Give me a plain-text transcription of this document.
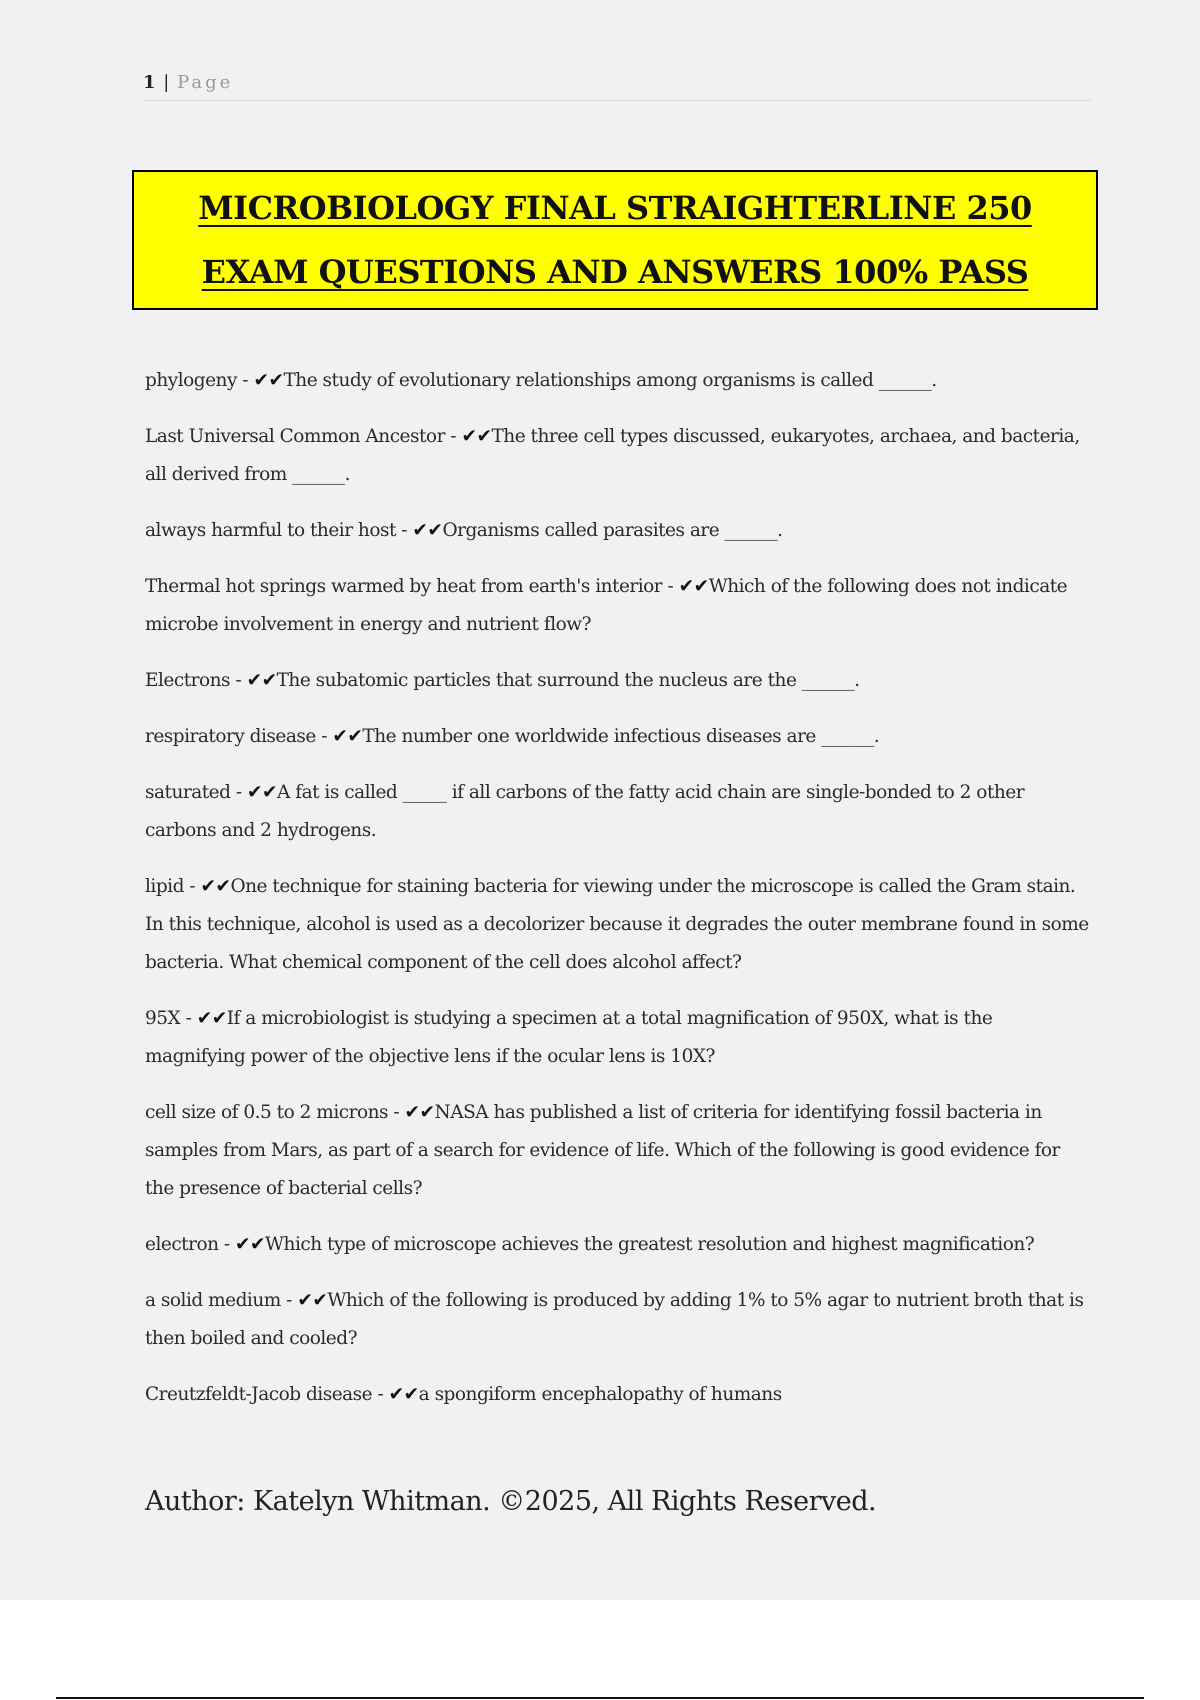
1 | Page
MICROBIOLOGY FINAL STRAIGHTERLINE 250
EXAM QUESTIONS AND ANSWERS 100% PASS

phylogeny - ✔✔The study of evolutionary relationships among organisms is called ______.

Last Universal Common Ancestor - ✔✔The three cell types discussed, eukaryotes, archaea, and bacteria, all derived from ______.

always harmful to their host - ✔✔Organisms called parasites are ______.

Thermal hot springs warmed by heat from earth's interior - ✔✔Which of the following does not indicate microbe involvement in energy and nutrient flow?

Electrons - ✔✔The subatomic particles that surround the nucleus are the ______.

respiratory disease - ✔✔The number one worldwide infectious diseases are ______.

saturated - ✔✔A fat is called _____ if all carbons of the fatty acid chain are single-bonded to 2 other carbons and 2 hydrogens.

lipid - ✔✔One technique for staining bacteria for viewing under the microscope is called the Gram stain. In this technique, alcohol is used as a decolorizer because it degrades the outer membrane found in some bacteria. What chemical component of the cell does alcohol affect?

95X - ✔✔If a microbiologist is studying a specimen at a total magnification of 950X, what is the magnifying power of the objective lens if the ocular lens is 10X?

cell size of 0.5 to 2 microns - ✔✔NASA has published a list of criteria for identifying fossil bacteria in samples from Mars, as part of a search for evidence of life. Which of the following is good evidence for the presence of bacterial cells?

electron - ✔✔Which type of microscope achieves the greatest resolution and highest magnification?

a solid medium - ✔✔Which of the following is produced by adding 1% to 5% agar to nutrient broth that is then boiled and cooled?

Creutzfeldt-Jacob disease - ✔✔a spongiform encephalopathy of humans

Author: Katelyn Whitman. ©2025, All Rights Reserved.
